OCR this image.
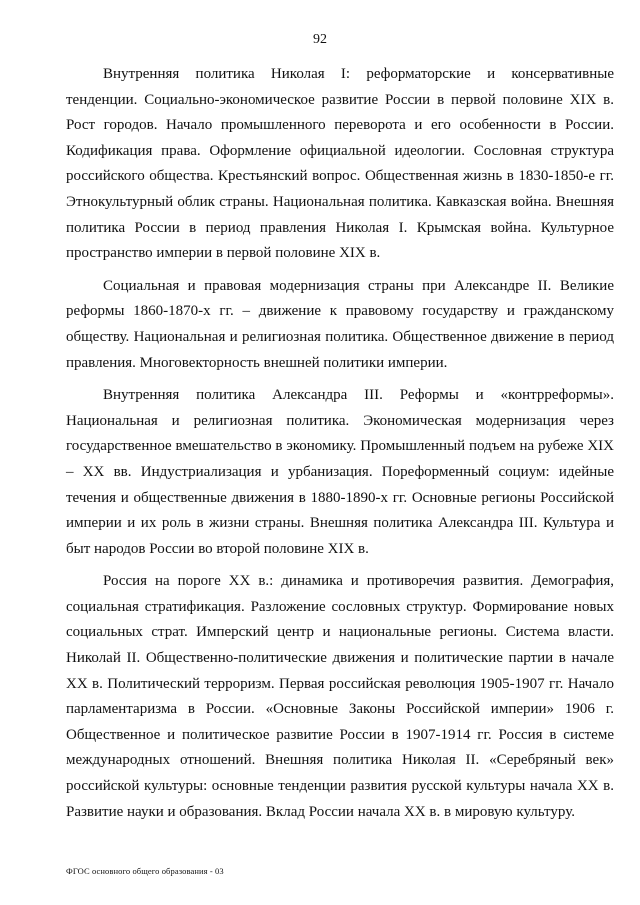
92

Внутренняя политика Николая I: реформаторские и консервативные тенденции. Социально-экономическое развитие России в первой половине XIX в. Рост городов. Начало промышленного переворота и его особенности в России. Кодификация права. Оформление официальной идеологии. Сословная структура российского общества. Крестьянский вопрос. Общественная жизнь в 1830-1850-е гг. Этнокультурный облик страны. Национальная политика. Кавказская война. Внешняя политика России в период правления Николая I. Крымская война. Культурное пространство империи в первой половине XIX в.

Социальная и правовая модернизация страны при Александре II. Великие реформы 1860-1870-х гг. – движение к правовому государству и гражданскому обществу. Национальная и религиозная политика. Общественное движение в период правления. Многовекторность внешней политики империи.

Внутренняя политика Александра III. Реформы и «контрреформы». Национальная и религиозная политика. Экономическая модернизация через государственное вмешательство в экономику. Промышленный подъем на рубеже XIX – XX вв. Индустриализация и урбанизация. Пореформенный социум: идейные течения и общественные движения в 1880-1890-х гг. Основные регионы Российской империи и их роль в жизни страны. Внешняя политика Александра III. Культура и быт народов России во второй половине XIX в.

Россия на пороге XX в.: динамика и противоречия развития. Демография, социальная стратификация. Разложение сословных структур. Формирование новых социальных страт. Имперский центр и национальные регионы. Система власти. Николай II. Общественно-политические движения и политические партии в начале XX в. Политический терроризм. Первая российская революция 1905-1907 гг. Начало парламентаризма в России. «Основные Законы Российской империи» 1906 г. Общественное и политическое развитие России в 1907-1914 гг. Россия в системе международных отношений. Внешняя политика Николая II. «Серебряный век» российской культуры: основные тенденции развития русской культуры начала XX в. Развитие науки и образования. Вклад России начала XX в. в мировую культуру.

ФГОС основного общего образования - 03
